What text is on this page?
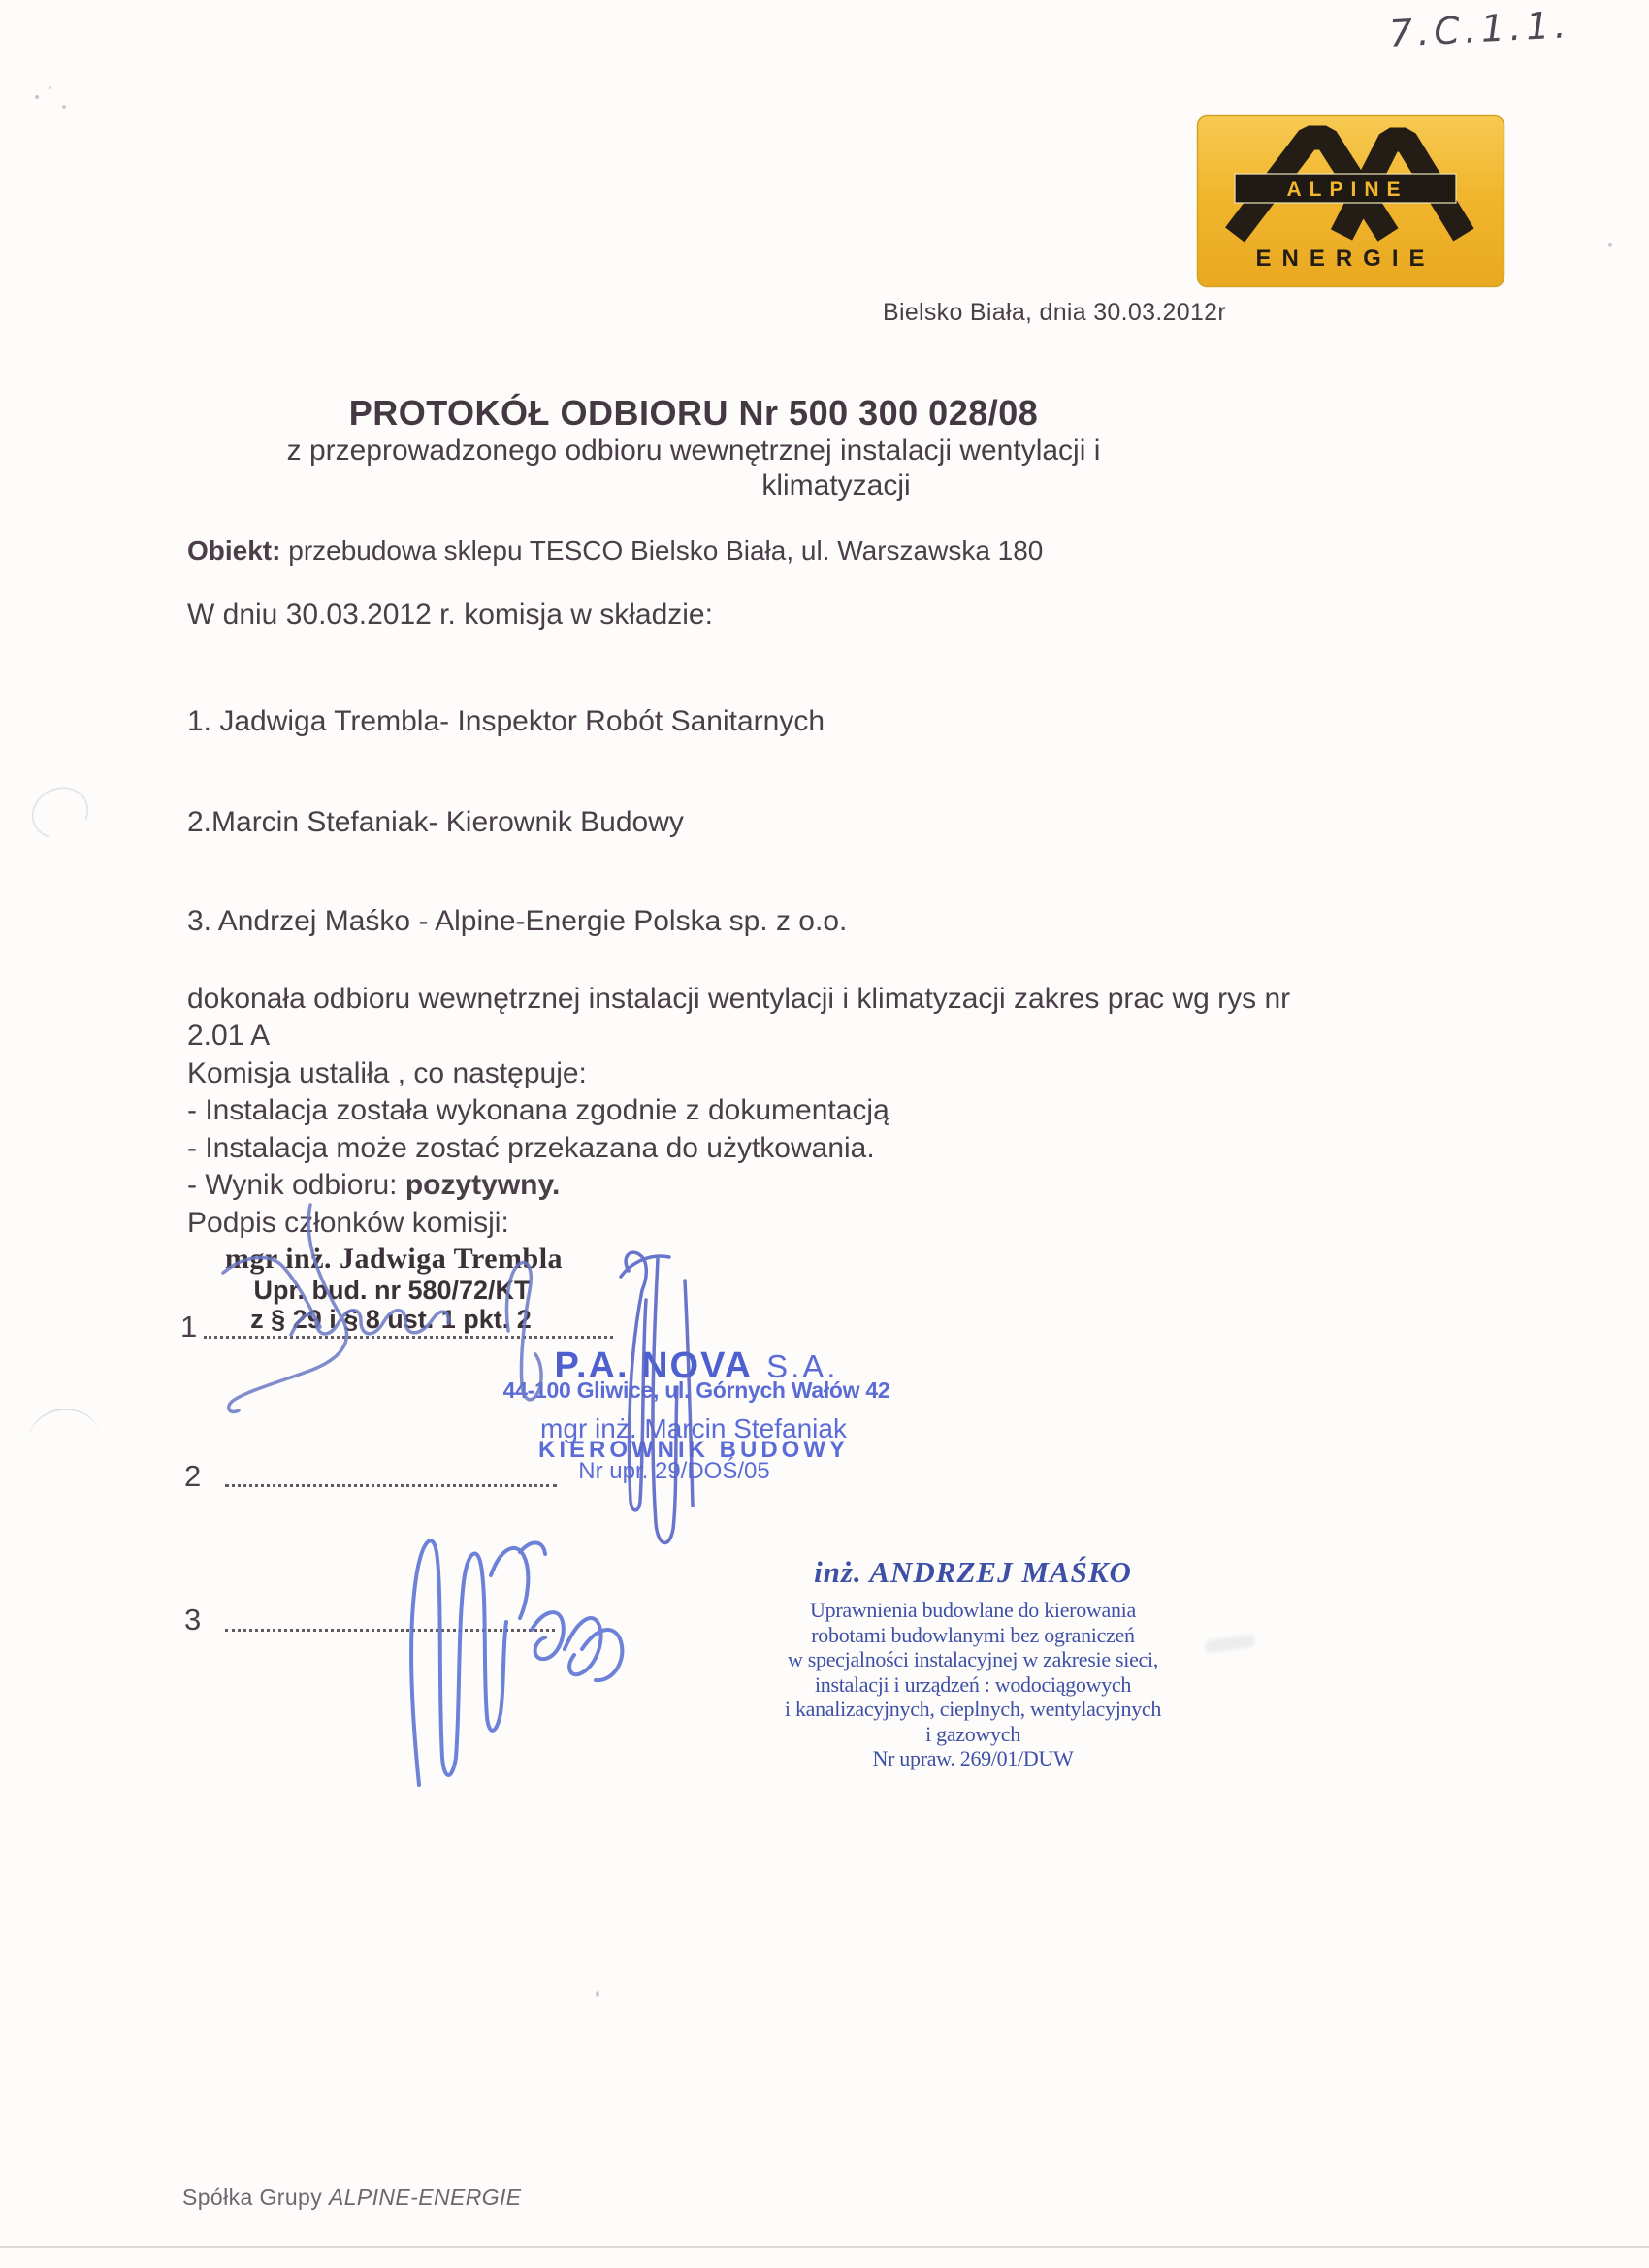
7.C.1.1.
ALPINE
ENERGIE
Bielsko Biała, dnia 30.03.2012r
PROTOKÓŁ ODBIORU Nr 500 300 028/08
z przeprowadzonego odbioru wewnętrznej instalacji wentylacji i
klimatyzacji
Obiekt: przebudowa sklepu TESCO Bielsko Biała, ul. Warszawska 180
W dniu 30.03.2012 r. komisja w składzie:
1. Jadwiga Trembla- Inspektor Robót Sanitarnych
2.Marcin Stefaniak- Kierownik Budowy
3. Andrzej Maśko - Alpine-Energie Polska sp. z o.o.
dokonała odbioru wewnętrznej instalacji wentylacji i klimatyzacji zakres prac wg rys nr
2.01 A
Komisja ustaliła , co następuje:
- Instalacja została wykonana zgodnie z dokumentacją
- Instalacja może zostać przekazana do użytkowania.
- Wynik odbioru: pozytywny.
Podpis członków komisji:
mgr inż. Jadwiga Trembla
Upr. bud. nr 580/72/KT
z § 29 i § 8 ust. 1 pkt. 2
1
P.A. NOVA S.A.
44-100 Gliwice, ul. Górnych Wałów 42
mgr inż. Marcin Stefaniak
KIEROWNIK BUDOWY
Nr upr. 29/DOŚ/05
2
inż. ANDRZEJ MAŚKO
Uprawnienia budowlane do kierowania
robotami budowlanymi bez ograniczeń
w specjalności instalacyjnej w zakresie sieci,
instalacji i urządzeń : wodociągowych
i kanalizacyjnych, cieplnych, wentylacyjnych
i gazowych
Nr upraw. 269/01/DUW
3
Spółka Grupy ALPINE-ENERGIE
